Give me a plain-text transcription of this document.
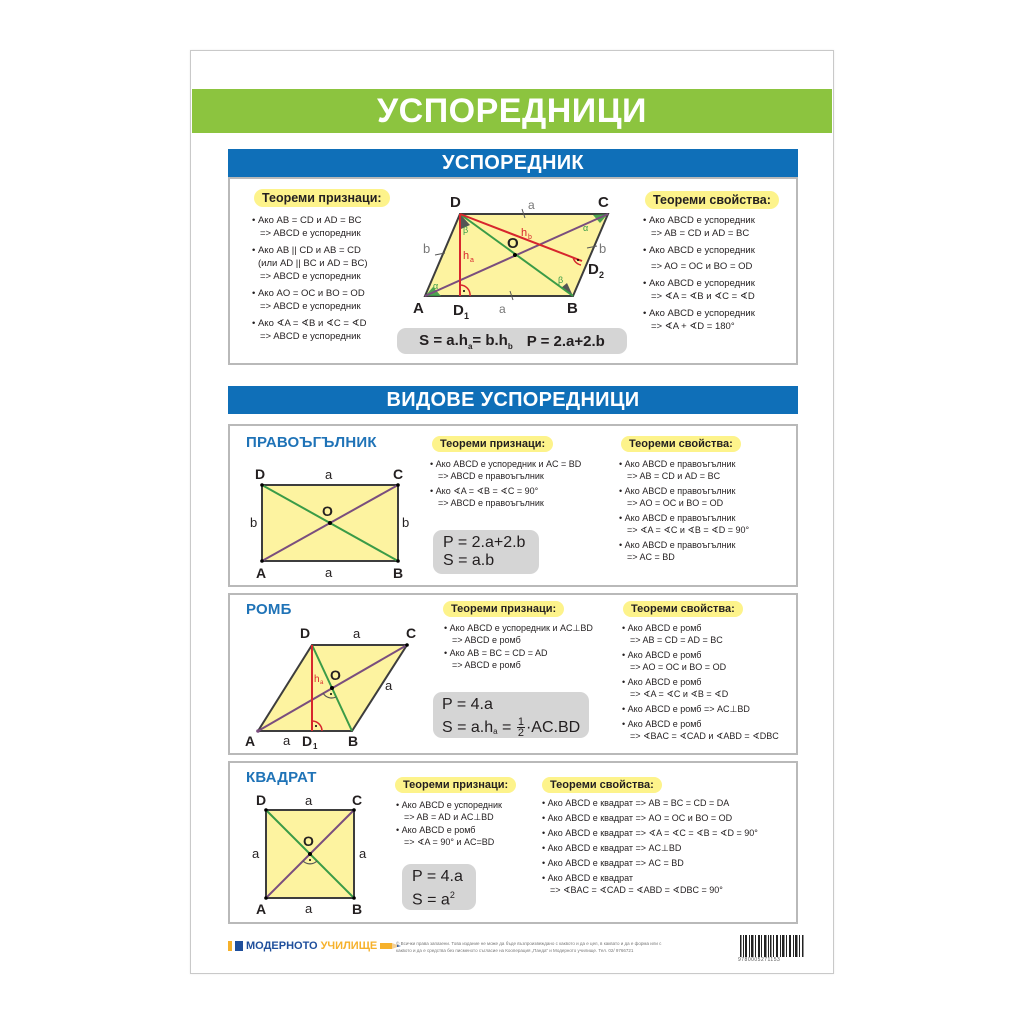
УСПОРЕДНИЦИ
УСПОРЕДНИК
Теореми признаци:
• Ако AB = CD и AD = BC
=> ABCD е успоредник
• Ако AB || CD и AB = CD
(или AD || BC и AD = BC)
=> ABCD е успоредник
• Ако AO = OC и BO = OD
=> ABCD е успоредник
• Ако ∢A = ∢B и ∢C = ∢D
=> ABCD е успоредник
D	C
A	B
O
D 1
D 2
a
a
b	b
α
α
β
β
h a
h b
$S = a.h_a= b.h_b$ P = 2.a+2.b
Теореми свойства:
• Ако ABCD е успоредник
=> AB = CD и AD = BC
• Ако ABCD е успоредник
=> AO = OC и BO = OD
• Ако ABCD е успоредник
=> ∢A = ∢B и ∢C = ∢D
• Ако ABCD е успоредник
=> ∢A + ∢D = 180°
ВИДОВЕ УСПОРЕДНИЦИ
ПРАВОЪГЪЛНИК
D	C
A	B
O
a
a
b	b
Теореми признаци:
• Ако ABCD е успоредник и AC = BD
=> ABCD е правоъгълник
• Ако ∢A = ∢B = ∢C = 90°
=> ABCD е правоъгълник
P = 2.a+2.b
S = a.b
Теореми свойства:
• Ако ABCD е правоъгълник
=> AB = CD и AD = BC
• Ако ABCD е правоъгълник
=> AO = OC и BO = OD
• Ако ABCD е правоъгълник
=> ∢A = ∢C и ∢B = ∢D = 90°
• Ако ABCD е правоъгълник
=> AC = BD
РОМБ
D	C
A	B
O
D 1
a
a
a
h a
Теореми признаци:
• Ако ABCD е успоредник и AC⊥BD
=> ABCD е ромб
• Ако AB = BC = CD = AD
=> ABCD е ромб
P = 4.a
$S = a.h_a = \frac{1}{2} \cdot AC.BD$
Теореми свойства:
• Ако ABCD е ромб
=> AB = CD = AD = BC
• Ако ABCD е ромб
=> AO = OC и BO = OD
• Ако ABCD е ромб
=> ∢A = ∢C и ∢B = ∢D
• Ако ABCD е ромб => AC⊥BD
• Ако ABCD е ромб
=> ∢BAC = ∢CAD и ∢ABD = ∢DBC
КВАДРАТ
D	C
A	B
O
a
a
a	a
Теореми признаци:
• Ако ABCD е успоредник
=> AB = AD и AC⊥BD
• Ако ABCD е ромб
=> ∢A = 90° и AC=BD
P = 4.a
$S = a^2$
Теореми свойства:
• Ако ABCD е квадрат => AB = BC = CD = DA
• Ако ABCD е квадрат => AO = OC и BO = OD
• Ако ABCD е квадрат => ∢A = ∢C = ∢B = ∢D = 90°
• Ако ABCD е квадрат => AC⊥BD
• Ако ABCD е квадрат => AC = BD
• Ако ABCD е квадрат
=> ∢BAC = ∢CAD = ∢ABD = ∢DBC = 90°
МОДЕРНОТО УЧИЛИЩЕ	© Всички права запазени. Това издание не може да бъде възпроизвеждано с каквото и да е цел, в каквато и да е форма или с каквото и да е средства без писменото съгласие на Кооперация „Панда“ и Модерното училище. Тел. 02/ 9766721
9780005271153
